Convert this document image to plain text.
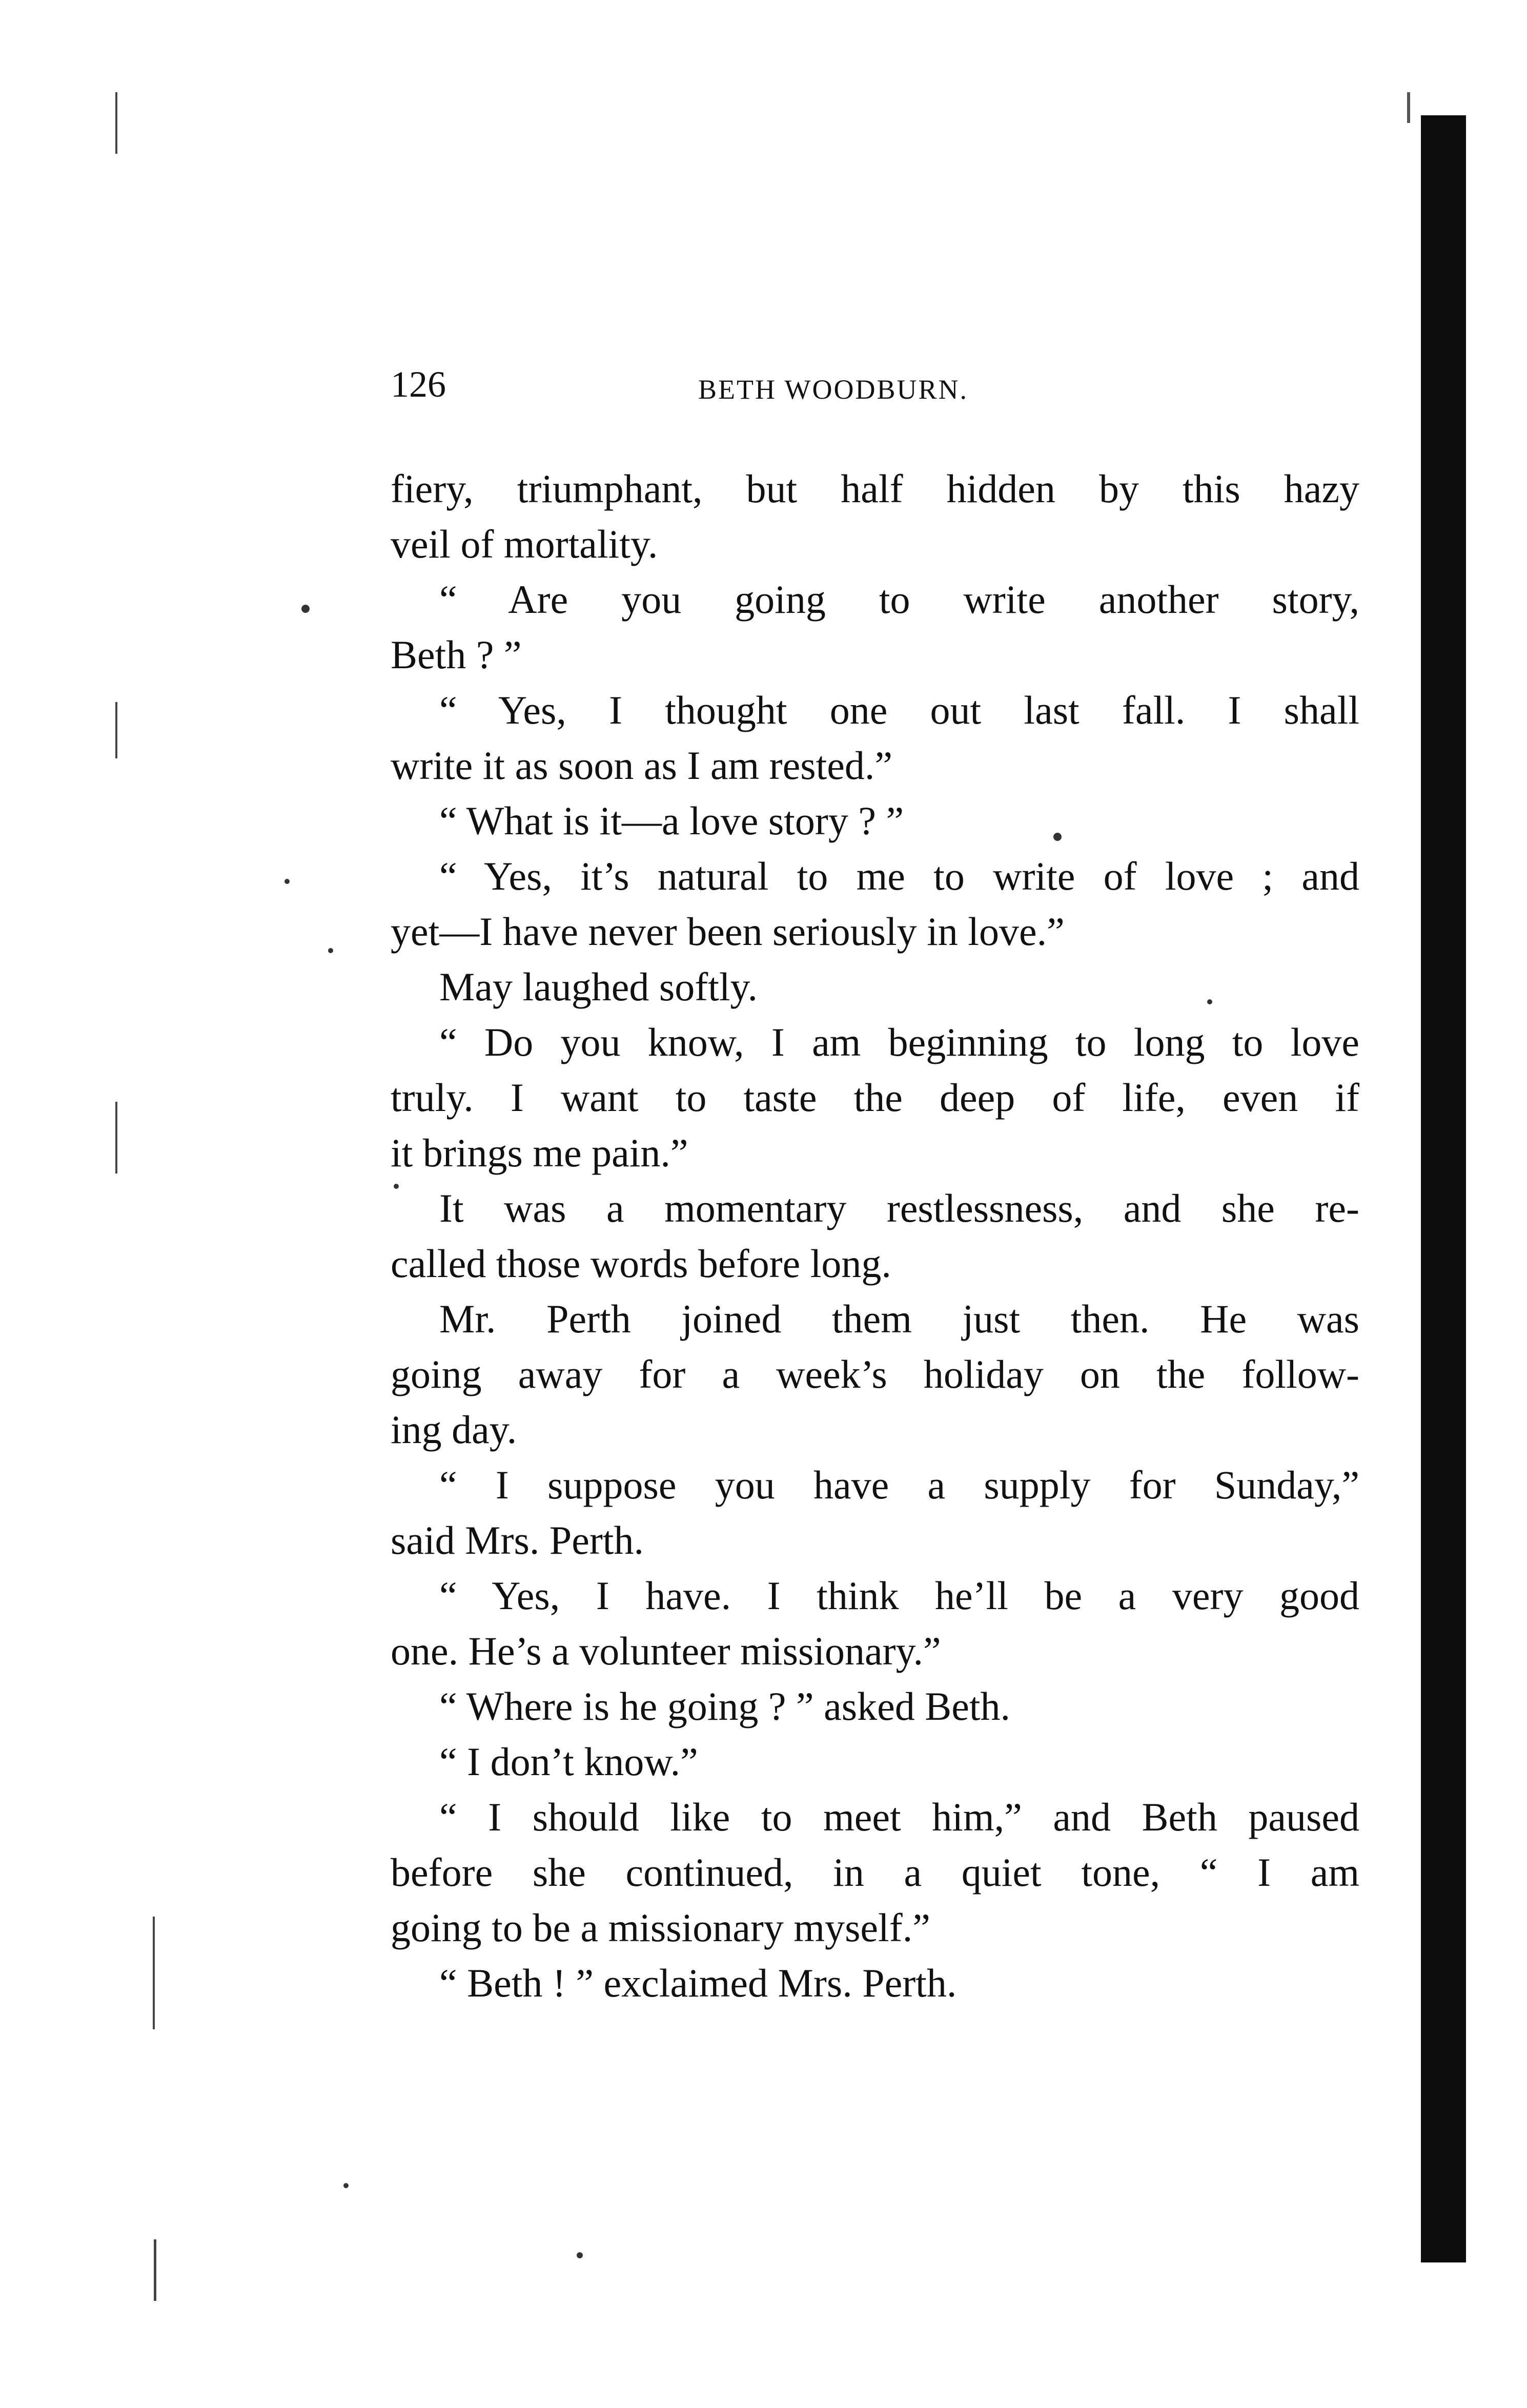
126	BETH WOODBURN.
fiery, triumphant, but half hidden by this hazy
veil of mortality.
“ Are you going to write another story,
Beth ? ”
“ Yes, I thought one out last fall. I shall
write it as soon as I am rested.”
“ What is it—a love story ? ”
“ Yes, it’s natural to me to write of love ; and
yet—I have never been seriously in love.”
May laughed softly.
“ Do you know, I am beginning to long to love
truly. I want to taste the deep of life, even if
it brings me pain.”
It was a momentary restlessness, and she re-
called those words before long.
Mr. Perth joined them just then. He was
going away for a week’s holiday on the follow-
ing day.
“ I suppose you have a supply for Sunday,”
said Mrs. Perth.
“ Yes, I have. I think he’ll be a very good
one. He’s a volunteer missionary.”
“ Where is he going ? ” asked Beth.
“ I don’t know.”
“ I should like to meet him,” and Beth paused
before she continued, in a quiet tone, “ I am
going to be a missionary myself.”
“ Beth ! ” exclaimed Mrs. Perth.
